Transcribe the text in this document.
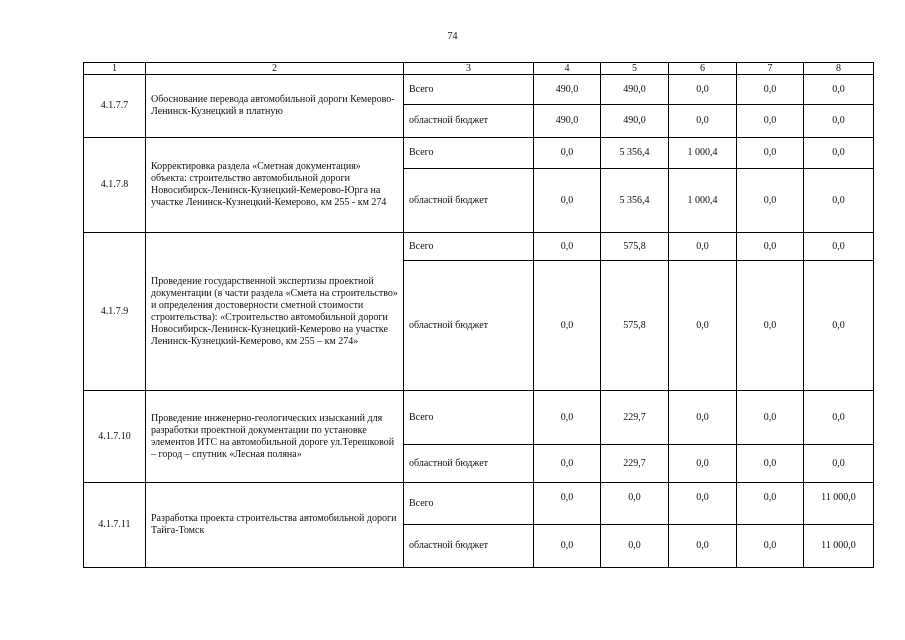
74
1	2	3	4	5	6	7	8
4.1.7.7	Обоснование перевода автомобильной дороги Кемерово-Ленинск-Кузнецкий в платную	Всего	490,0	490,0	0,0	0,0	0,0
		областной бюджет	490,0	490,0	0,0	0,0	0,0
4.1.7.8	Корректировка раздела «Сметная документация» объекта: строительство автомобильной дороги Новосибирск-Ленинск-Кузнецкий-Кемерово-Юрга на участке Ленинск-Кузнецкий-Кемерово, км 255 - км 274	Всего	0,0	5 356,4	1 000,4	0,0	0,0
		областной бюджет	0,0	5 356,4	1 000,4	0,0	0,0
4.1.7.9	Проведение государственной экспертизы проектной документации (в части раздела «Смета на строительство» и определения достоверности сметной стоимости строительства): «Строительство автомобильной дороги Новосибирск-Ленинск-Кузнецкий-Кемерово на участке Ленинск-Кузнецкий-Кемерово, км 255 – км 274»	Всего	0,0	575,8	0,0	0,0	0,0
		областной бюджет	0,0	575,8	0,0	0,0	0,0
4.1.7.10	Проведение инженерно-геологических изысканий для разработки проектной документации по установке элементов ИТС на автомобильной дороге ул.Терешковой – город – спутник «Лесная поляна»	Всего	0,0	229,7	0,0	0,0	0,0
		областной бюджет	0,0	229,7	0,0	0,0	0,0
4.1.7.11	Разработка проекта строительства автомобильной дороги Тайга-Томск	Всего	0,0	0,0	0,0	0,0	11 000,0

		областной бюджет	0,0	0,0	0,0	0,0	11 000,0
